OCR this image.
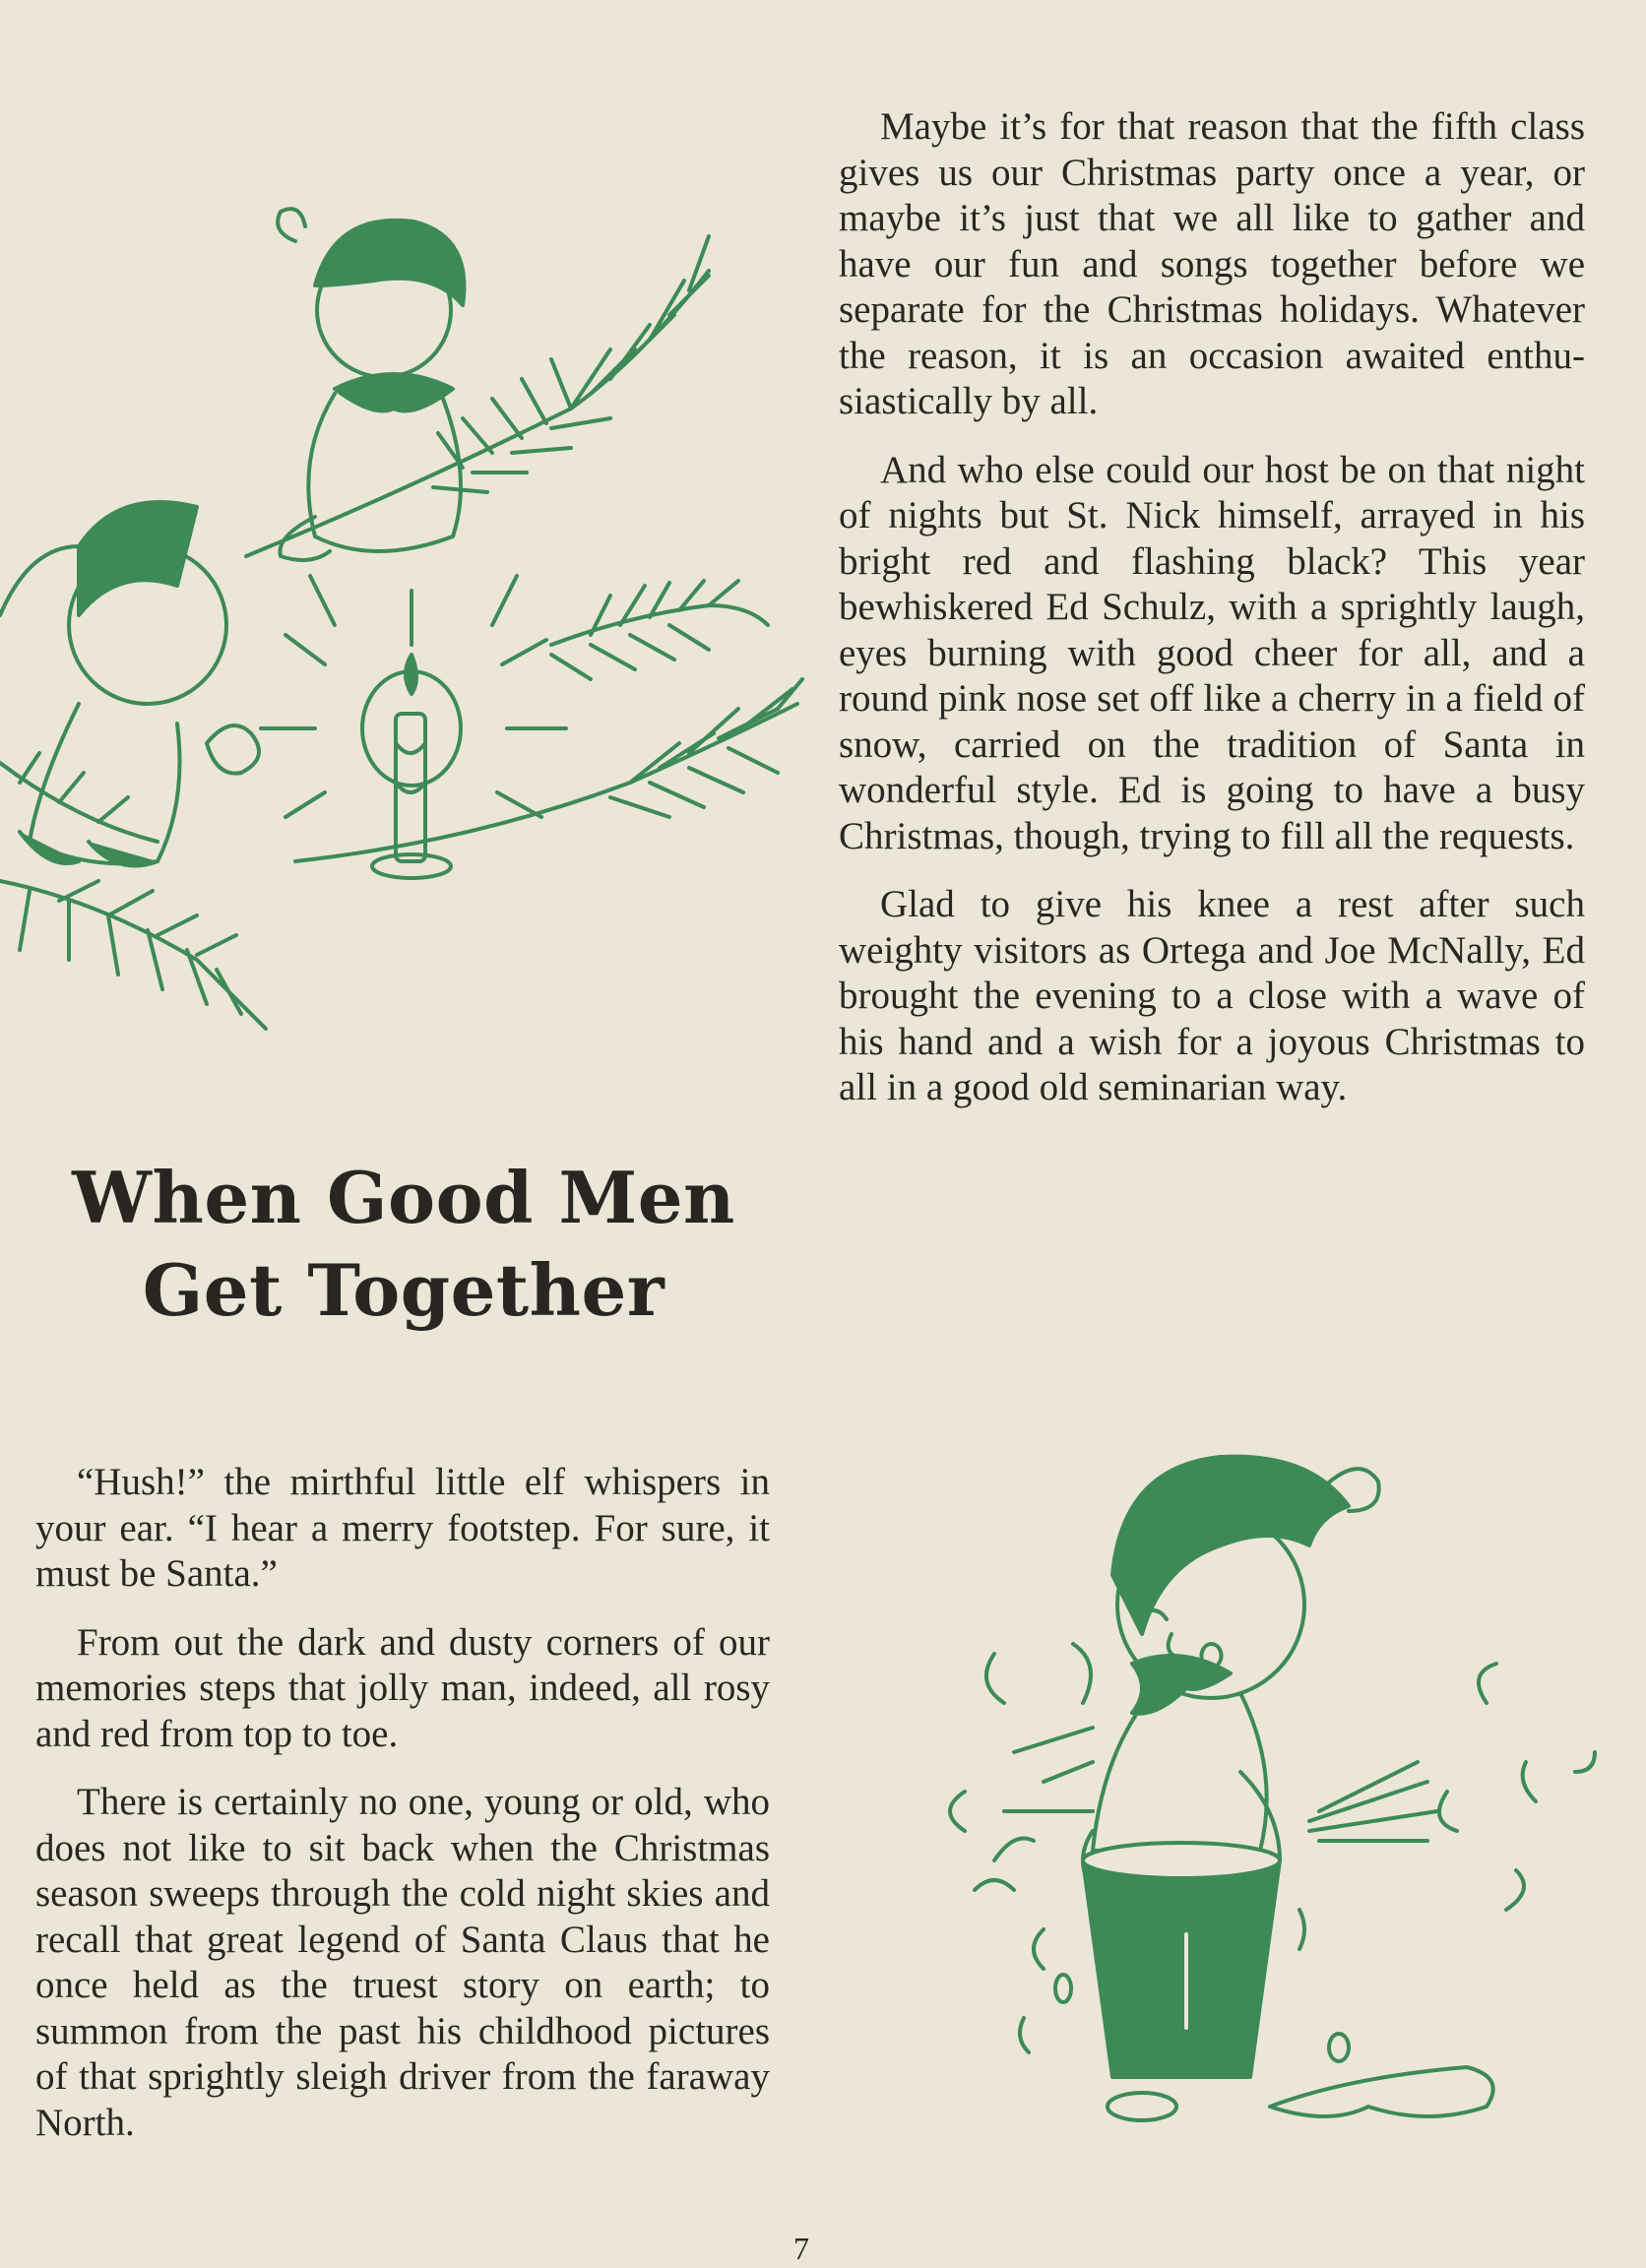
Maybe it’s for that reason that the fifth class gives us our Christmas party once a year, or maybe it’s just that we all like to gather and have our fun and songs together before we separate for the Christmas holidays. Whatever the reason, it is an occasion awaited enthusiastically by all.

And who else could our host be on that night of nights but St. Nick himself, arrayed in his bright red and flashing black? This year bewhiskered Ed Schulz, with a sprightly laugh, eyes burning with good cheer for all, and a round pink nose set off like a cherry in a field of snow, carried on the tradition of Santa in wonderful style. Ed is going to have a busy Christmas, though, trying to fill all the requests.

Glad to give his knee a rest after such weighty visitors as Ortega and Joe McNally, Ed brought the evening to a close with a wave of his hand and a wish for a joyous Christmas to all in a good old seminarian way.

When Good Men
Get Together

“Hush!” the mirthful little elf whispers in your ear. “I hear a merry footstep. For sure, it must be Santa.”

From out the dark and dusty corners of our memories steps that jolly man, indeed, all rosy and red from top to toe.

There is certainly no one, young or old, who does not like to sit back when the Christmas season sweeps through the cold night skies and recall that great legend of Santa Claus that he once held as the truest story on earth; to summon from the past his childhood pictures of that sprightly sleigh driver from the faraway North.

7
